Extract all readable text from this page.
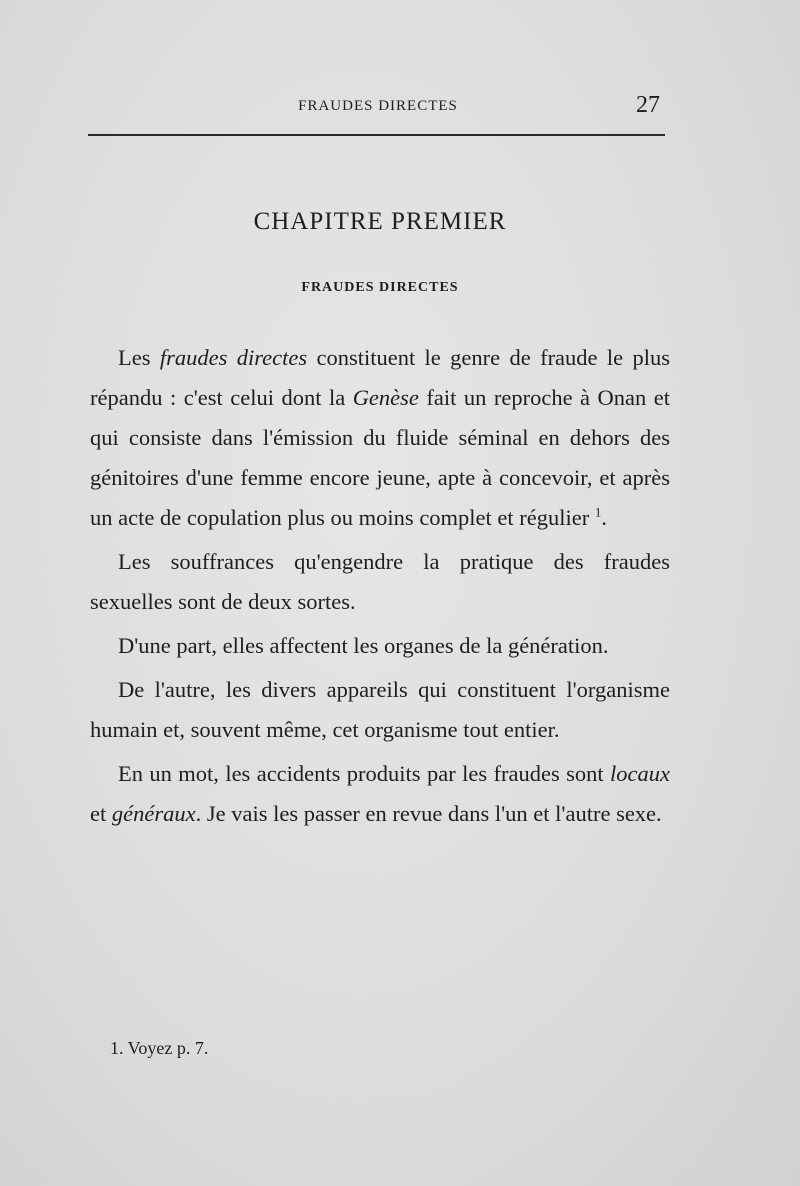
FRAUDES DIRECTES	27
CHAPITRE PREMIER
FRAUDES DIRECTES

Les fraudes directes constituent le genre de fraude le plus répandu : c'est celui dont la Genèse fait un reproche à Onan et qui consiste dans l'émission du fluide séminal en dehors des génitoires d'une femme encore jeune, apte à concevoir, et après un acte de copulation plus ou moins complet et régulier $^1$.

Les souffrances qu'engendre la pratique des fraudes sexuelles sont de deux sortes.

D'une part, elles affectent les organes de la génération.

De l'autre, les divers appareils qui constituent l'organisme humain et, souvent même, cet organisme tout entier.

En un mot, les accidents produits par les fraudes sont locaux et généraux. Je vais les passer en revue dans l'un et l'autre sexe.

1. Voyez p. 7.
